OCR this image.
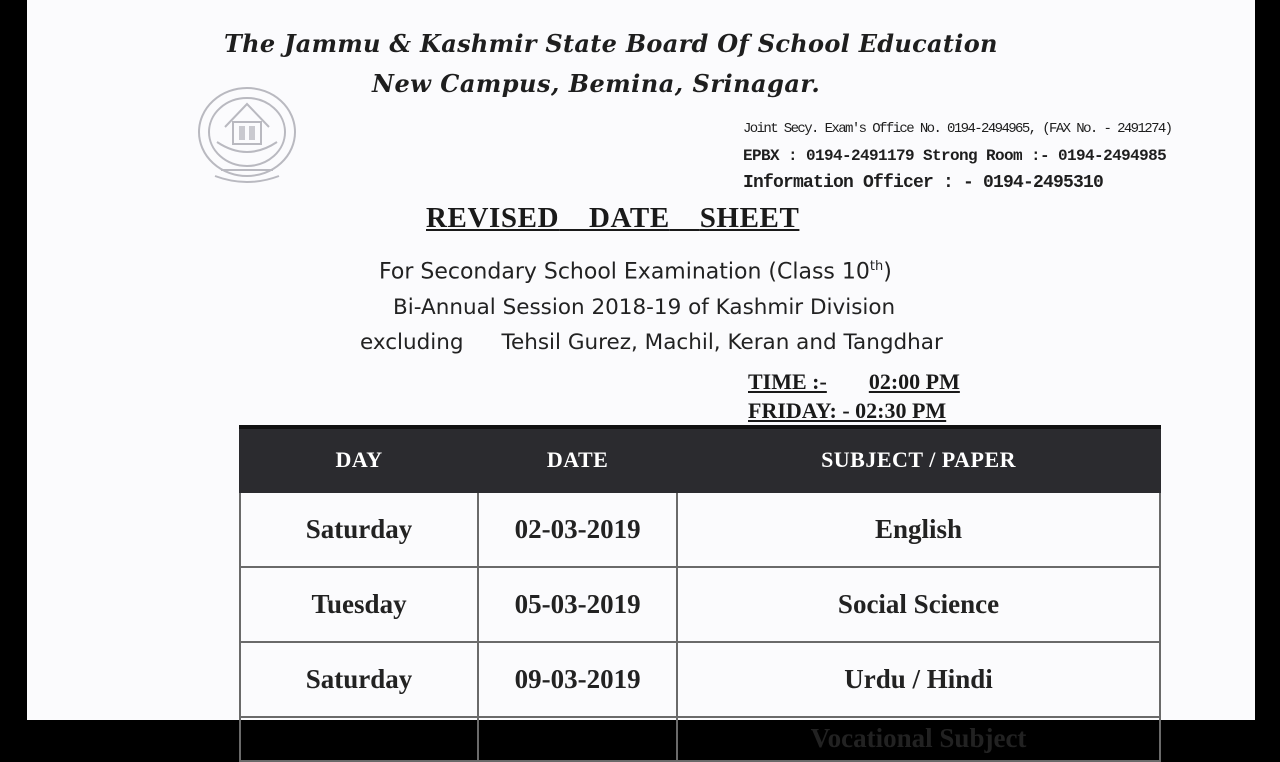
The Jammu & Kashmir State Board Of School Education

New Campus, Bemina, Srinagar.

Joint Secy. Exam's Office No. 0194-2494965, (FAX No. - 2491274)
EPBX : 0194-2491179 Strong Room :- 0194-2494985
Information Officer : - 0194-2495310
REVISED DATE SHEET

For Secondary School Examination (Class 10th)

Bi-Annual Session 2018-19 of Kashmir Division

excluding Tehsil Gurez, Machil, Keran and Tangdhar

TIME :- 02:00 PM
FRIDAY: - 02:30 PM
DAY	DATE	SUBJECT / PAPER
Saturday	02-03-2019	English
Tuesday	05-03-2019	Social Science
Saturday	09-03-2019	Urdu / Hindi
		Vocational Subject
